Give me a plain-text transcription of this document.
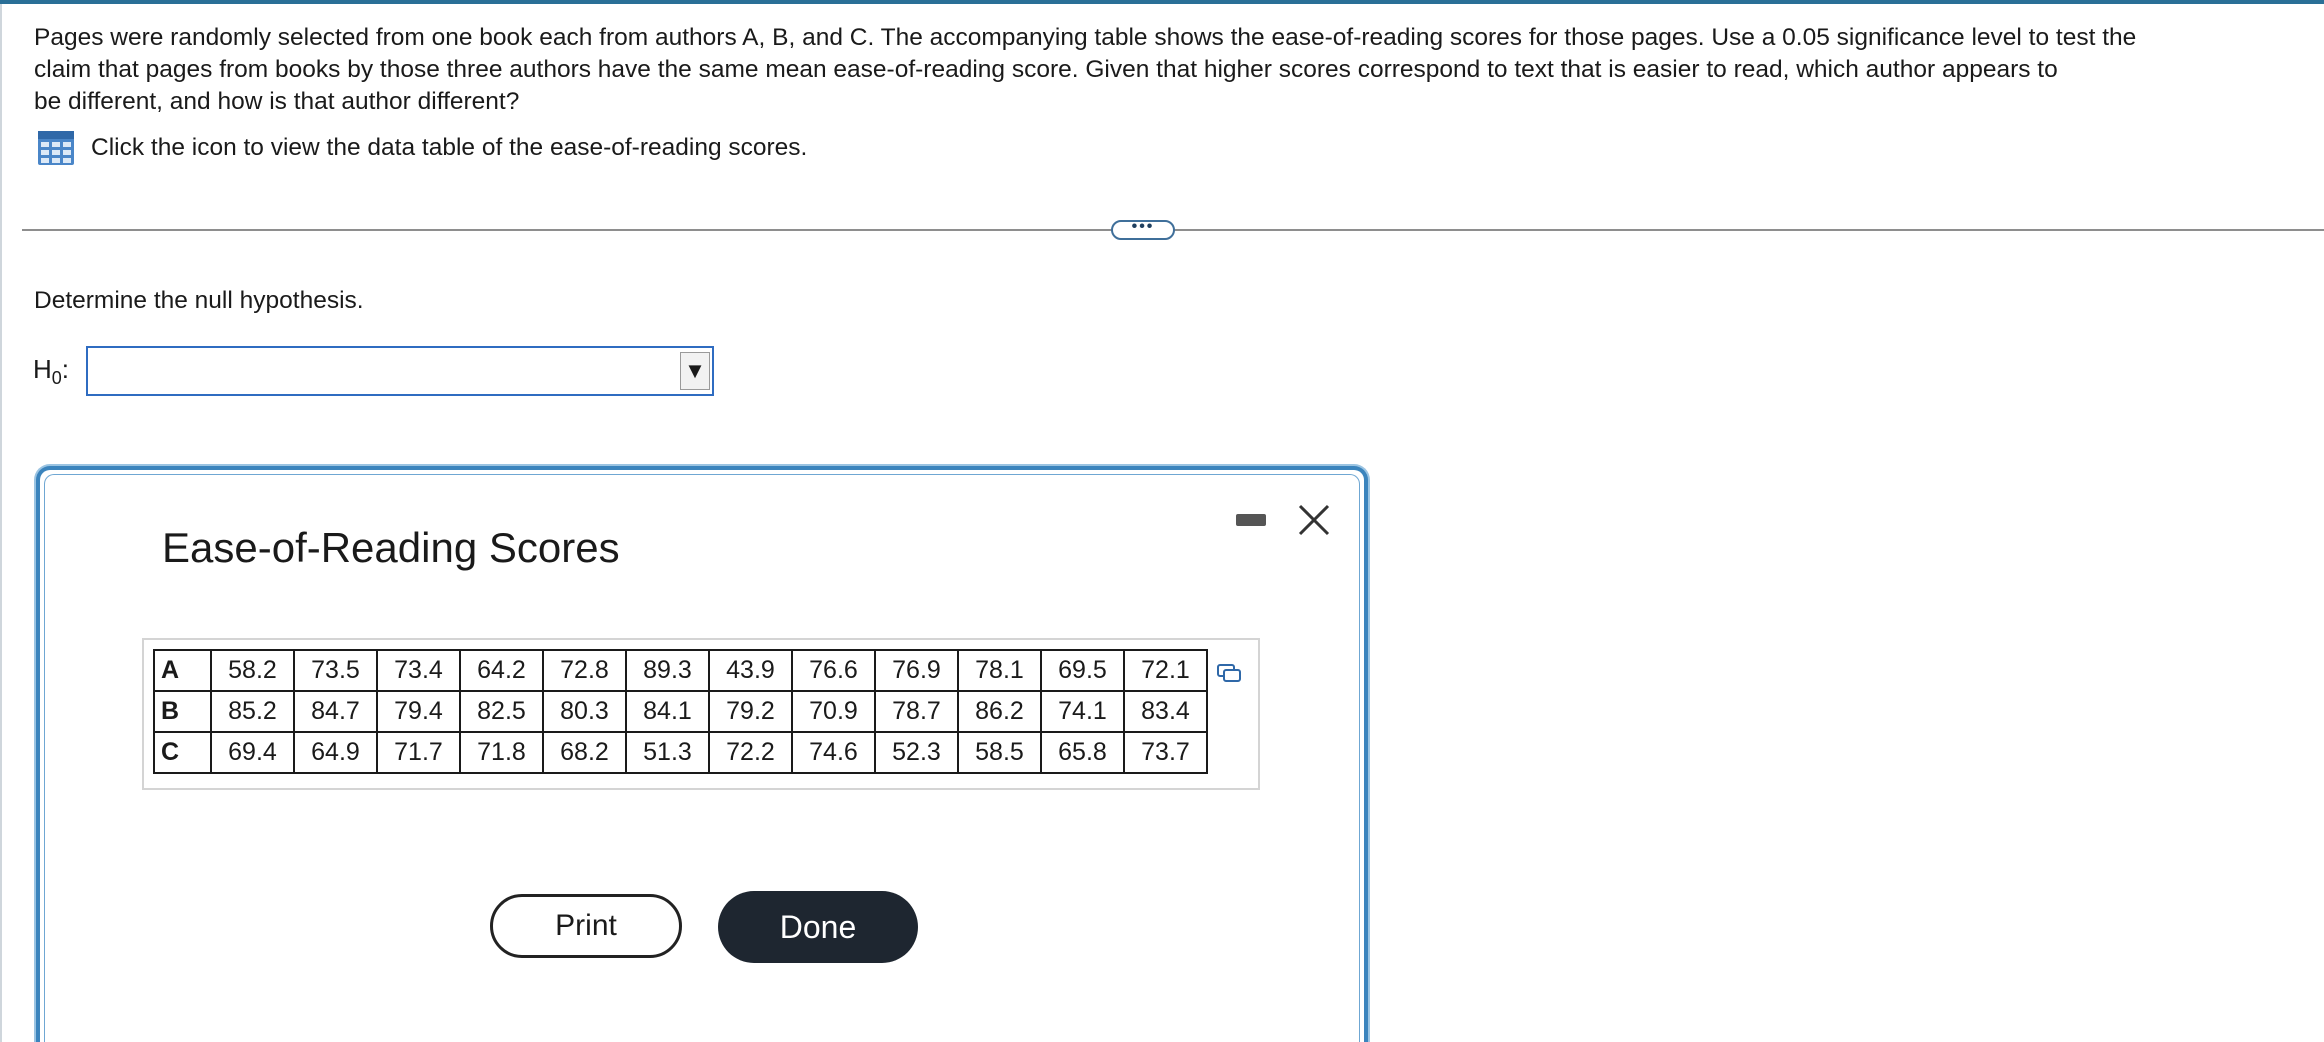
Pages were randomly selected from one book each from authors A, B, and C. The accompanying table shows the ease-of-reading scores for those pages. Use a 0.05 significance level to test the
claim that pages from books by those three authors have the same mean ease-of-reading score. Given that higher scores correspond to text that is easier to read, which author appears to
be different, and how is that author different?
Click the icon to view the data table of the ease-of-reading scores.
•••
Determine the null hypothesis.
$H_0$:	▼
Ease-of-Reading Scores
A	58.2	73.5	73.4	64.2	72.8	89.3	43.9	76.6	76.9	78.1	69.5	72.1
B	85.2	84.7	79.4	82.5	80.3	84.1	79.2	70.9	78.7	86.2	74.1	83.4
C	69.4	64.9	71.7	71.8	68.2	51.3	72.2	74.6	52.3	58.5	65.8	73.7
Print	Done
